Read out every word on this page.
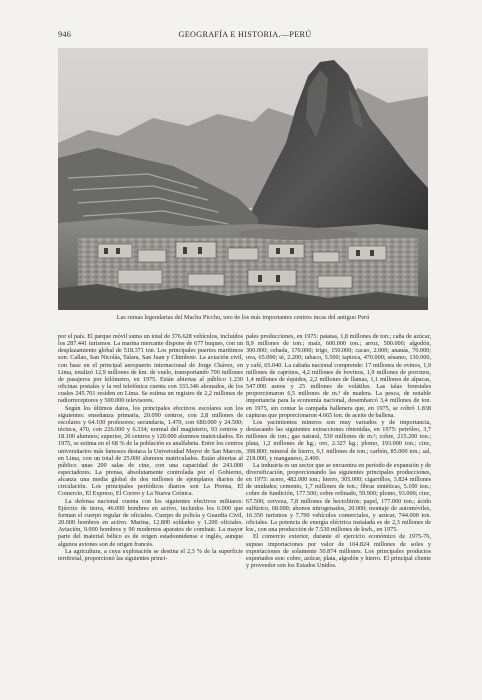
946	GEOGRAFÍA E HISTORIA.—PERÚ
Las ruinas legendarias del Machu Picchu, uno de los más importantes centros incas del antiguo Perú

por el país. El parque móvil suma un total de 376.628 vehículos, incluidos los 287.441 turismos. La marina mercante dispone de 677 buques, con un desplazamiento global de 518.371 ton. Los principales puertos marítimos son: Callao, San Nicolás, Talara, San Juan y Chimbote. La aviación civil, con base en el principal aeropuerto internacional de Jorge Chávez, en Lima, totalizó 12,9 millones de km. de vuelo, transportando 700 millones de pasajeros por kilómetro, en 1975. Están abiertas al público 1.230 oficinas postales y la red telefónica cuenta con 333.346 abonados, de los cuales 245.701 residen en Lima. Se estima un registro de 2,2 millones de radiorreceptores y 500.000 televisores.

Según los últimos datos, los principales efectivos escolares son los siguientes: enseñanza primaria, 20.090 centros, con 2,8 millones de escolares y 64.100 profesores; secundaria, 1.470, con 680.000 y 24.500; técnica, 470, con 226.000 y 6.334; normal del magisterio, 93 centros y 18.100 alumnos; superior, 26 centros y 120.000 alumnos matriculados. En 1975, se estima en el 68 % de la población es analfabeta. Entre los centros universitarios más famosos destaca la Universidad Mayor de San Marcos, en Lima, con un total de 25.000 alumnos matriculados. Están abiertas al público unas 200 salas de cine, con una capacidad de 243.000 espectadores. La prensa, absolutamente controlada por el Gobierno, alcanza una media global de dos millones de ejemplares diarios de circulación. Los principales periódicos diarios son La Prensa, El Comercio, El Expreso, El Correo y La Nueva Crónica.

La defensa nacional cuenta con los siguientes efectivos militares: Ejército de tierra, 46.000 hombres en activo, incluidos los 6.000 que forman el cuerpo regular de oficiales. Cuerpo de policía y Guardia Civil, 20.000 hombres en activo. Marina, 12.800 soldados y 1.200 oficiales. Aviación, 9.000 hombres y 90 modernos aparatos de combate. La mayor parte del material bélico es de origen estadounidense e inglés, aunque algunos aviones son de origen francés.

La agricultura, a cuya explotación se destina el 2,3 % de la superficie territorial, proporcionó las siguientes princi-

pales producciones, en 1975: patatas, 1,8 millones de ton.; caña de azúcar, 8,9 millones de ton.; maíz, 600.000 ton.; arroz, 500.000; algodón, 300.000; cebada, 170.000; trigo, 150.000; cacao, 2.000; ananás, 70.000; uva, 65.000; té, 2.200; tabaco, 5.500; tapioca, 470.000; sésamo, 130.000, y café, 65.040. La cabaña nacional comprende: 17 millones de ovinos, 1,9 millones de caprinos, 4,2 millones de bovinos, 1,9 millones de porcinos, 1,4 millones de équidos, 2,2 millones de llamas, 1,1 millones de alpacas, 547.000 asnos y 25 millones de volátiles. Las talas forestales proporcionaron 6,5 millones de m.³ de madera. La pesca, de notable importancia para la economía nacional, desembarcó 3,4 millones de ton. en 1975, sin contar la campaña ballenera que, en 1975, se cobró 1.838 capturas que proporcionaron 4.665 ton. de aceite de ballena.

Los yacimientos mineros son muy variados y de importancia, destacando las siguientes extracciones obtenidas, en 1975: petróleo, 3,7 millones de ton.; gas natural, 530 millones de m.³; cobre, 215.200 ton.; plata, 1,2 millones de kg.; oro, 2.327 kg.; plomo, 193.000 ton.; cinc, 398.800; mineral de hierro, 6,1 millones de ton.; carbón, 85.000 ton.; sal, 218.000, y manganeso, 2.400.

La industria es un sector que se encuentra en período de expansión y de diversificación, proporcionando las siguientes principales producciones, en 1975: acero, 482.000 ton.; hierro, 305.000; cigarrillos, 3.824 millones de unidades; cemento, 1,7 millones de ton.; fibras sintéticas, 5.100 ton.; cobre de fundición, 177.500; cobre refinado, 59.900; plomo, 93.000; cinc, 67.500; cerveza, 7,8 millones de hectolitros; papel, 177.000 ton.; ácido sulfúrico, 68.000; abonos nitrogenados, 20.000; montaje de automóviles, 16.350 turismos y 7.790 vehículos comerciales, y azúcar, 744.000 ton. oficiales. La potencia de energía eléctrica instalada es de 2,3 millones de kw., con una producción de 7.530 millones de kwh., en 1975.

El comercio exterior, durante el ejercicio económico de 1975-76, supuso importaciones por valor de 104.824 millones de soles y exportaciones de solamente 50.874 millones. Los principales productos exportados son: cobre, azúcar, plata, algodón y hierro. El principal cliente y proveedor son los Estados Unidos.
